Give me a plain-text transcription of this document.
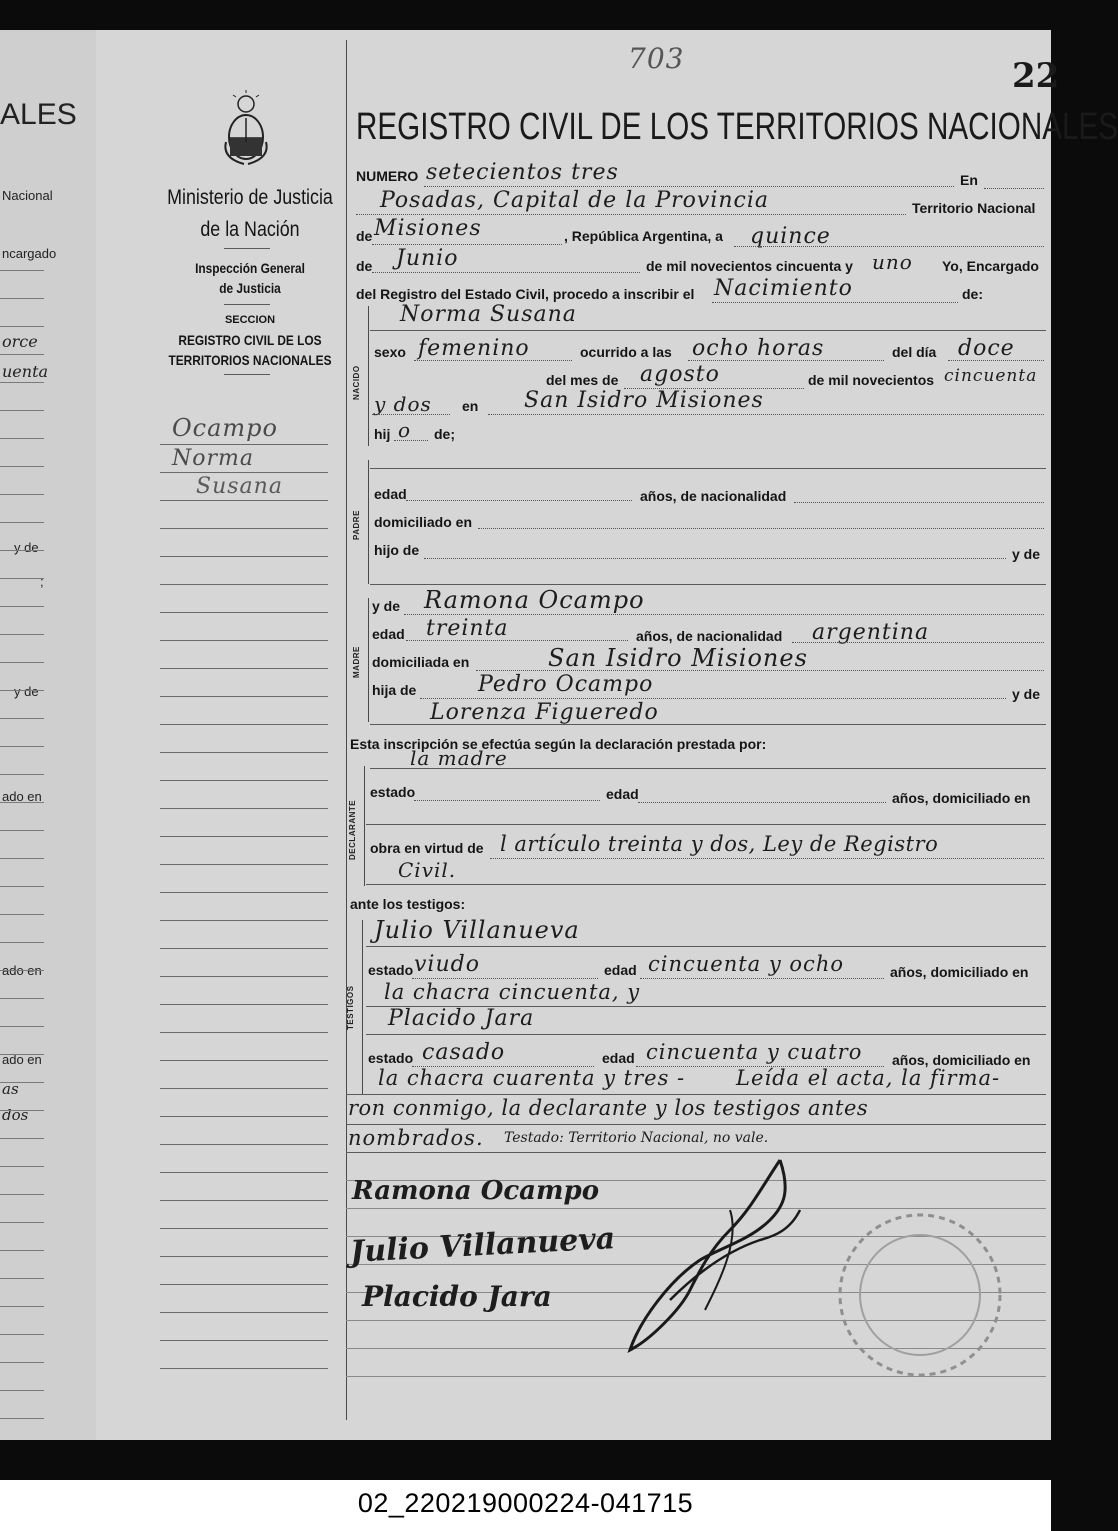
ALES
Nacional
ncargado
orce
uenta
y de
;
y de
ado en
ado en
ado en
as
dos
703	22
REGISTRO CIVIL DE LOS TERRITORIOS NACIONALES
Ministerio de Justicia
de la Nación
Inspección General
de Justicia
SECCION
REGISTRO CIVIL DE LOS
TERRITORIOS NACIONALES
Ocampo
Norma
Susana
NUMERO setecientos tres	En
Posadas, Capital de la Provincia	Territorio Nacional
de Misiones	, República Argentina, a quince
de Junio	de mil novecientos cincuenta y uno Yo, Encargado
del Registro del Estado Civil, procedo a inscribir el Nacimiento	de:
NACIDO
Norma Susana
sexo femenino	ocurrido a las ocho horas	del día doce
del mes de agosto	de mil novecientos cincuenta
y dos en San Isidro Misiones
hij o de;
PADRE
edad	años, de nacionalidad
domiciliado en
hijo de	y de
MADRE
y de Ramona Ocampo
edad treinta	años, de nacionalidad argentina
domiciliada en	San Isidro Misiones
hija de	Pedro Ocampo	y de
Lorenza Figueredo
Esta inscripción se efectúa según la declaración prestada por:
la madre
DECLARANTE
estado	edad	años, domiciliado en
obra en virtud de l artículo treinta y dos, Ley de Registro
Civil.
ante los testigos:
TESTIGOS
Julio Villanueva
estado viudo	edad cincuenta y ocho	años, domiciliado en
la chacra cincuenta, y
Placido Jara
estado casado	edad cincuenta y cuatro años, domiciliado en
la chacra cuarenta y tres - Leída el acta, la firma-
ron conmigo, la declarante y los testigos antes
nombrados. Testado: Territorio Nacional, no vale.
Ramona Ocampo
Julio Villanueva
Placido Jara
02_220219000224-041715
